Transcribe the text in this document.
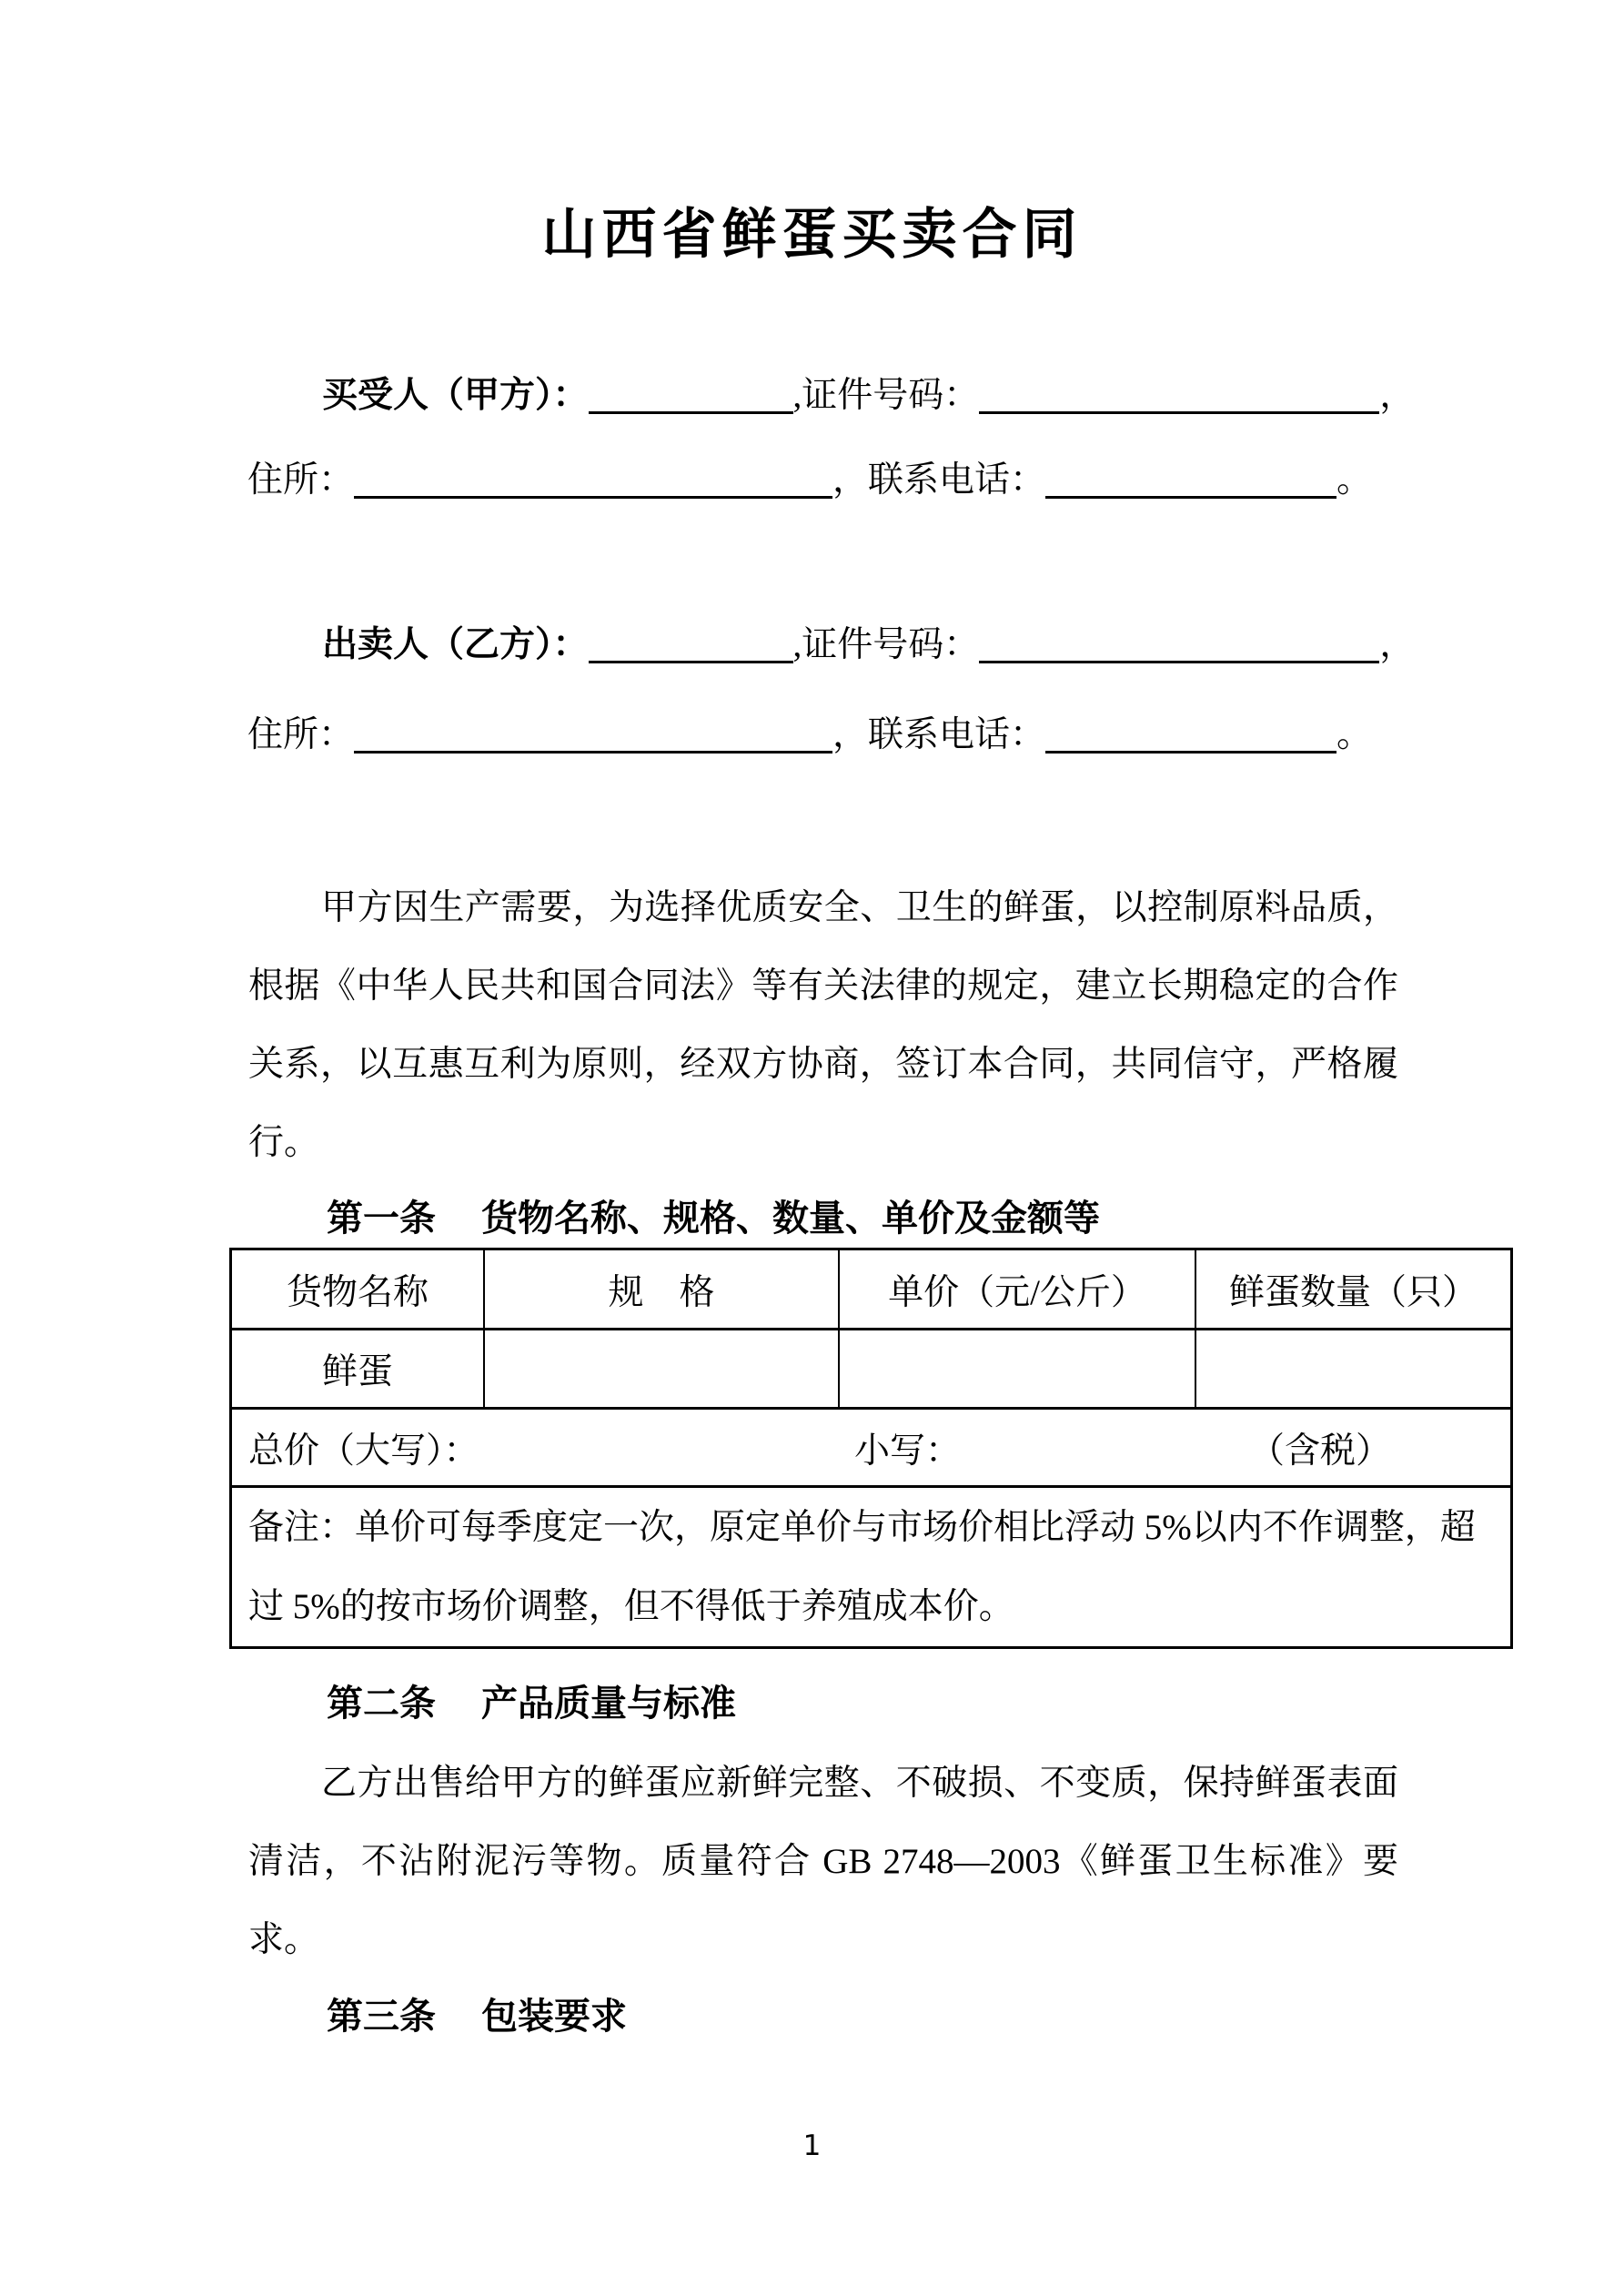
山西省鲜蛋买卖合同
买受人（甲方）：	,证件号码：	，
住所：	，联系电话：	。
出卖人（乙方）：	,证件号码：	，
住所：	，联系电话：	。
甲方因生产需要，为选择优质安全、卫生的鲜蛋，以控制原料品质，根据《中华人民共和国合同法》等有关法律的规定，建立长期稳定的合作关系，以互惠互利为原则，经双方协商，签订本合同，共同信守，严格履行。
第一条 货物名称、规格、数量、单价及金额等
货物名称	规　格	单价（元/公斤）	鲜蛋数量（只）
鲜蛋			

总价（大写）： 小写： （含税）			

备注：单价可每季度定一次，原定单价与市场价相比浮动 5%以内不作调整，超过 5%的按市场价调整，但不得低于养殖成本价。			
第二条 产品质量与标准
乙方出售给甲方的鲜蛋应新鲜完整、不破损、不变质，保持鲜蛋表面清洁，不沾附泥污等物。质量符合 GB 2748—2003《鲜蛋卫生标准》要求。
第三条 包装要求
1
